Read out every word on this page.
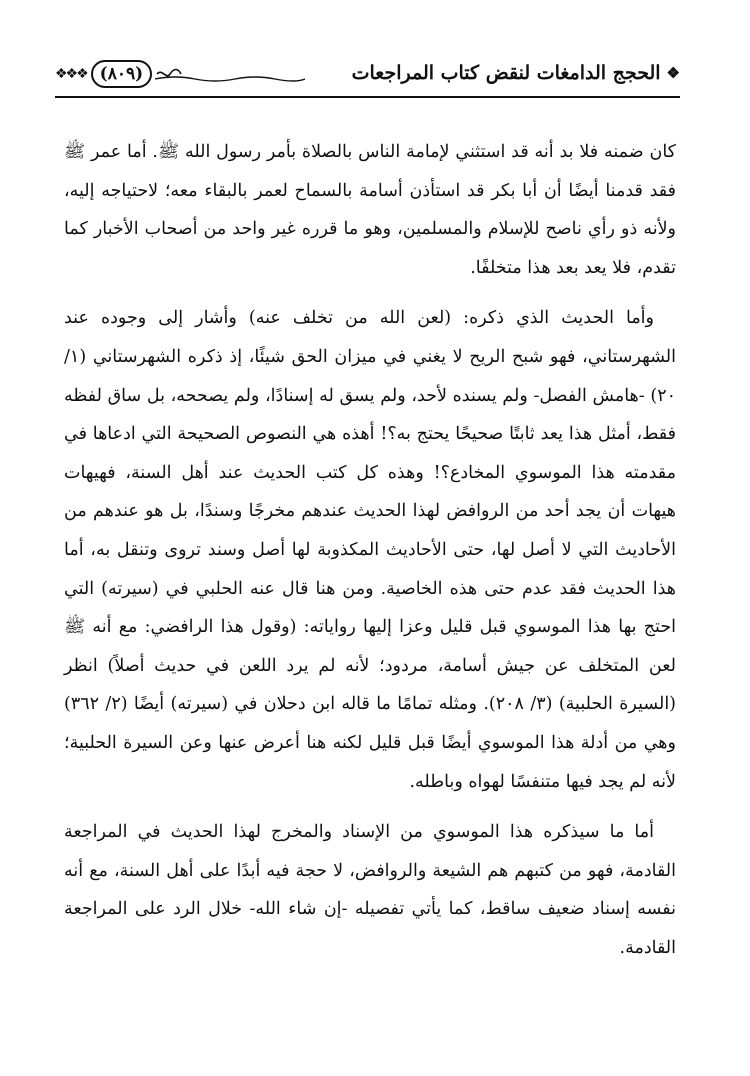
❖
الحجج الدامغات لنقض كتاب المراجعات
❖❖❖ (٨٠٩)

كان ضمنه فلا بد أنه قد استثني لإمامة الناس بالصلاة بأمر رسول الله ﷺ. أما عمر ﷺ فقد قدمنا أيضًا أن أبا بكر قد استأذن أسامة بالسماح لعمر بالبقاء معه؛ لاحتياجه إليه، ولأنه ذو رأي ناصح للإسلام والمسلمين، وهو ما قرره غير واحد من أصحاب الأخبار كما تقدم، فلا يعد بعد هذا متخلفًا.

وأما الحديث الذي ذكره: (لعن الله من تخلف عنه) وأشار إلى وجوده عند الشهرستاني، فهو شبح الريح لا يغني في ميزان الحق شيئًا، إذ ذكره الشهرستاني (١/ ٢٠) -هامش الفصل- ولم يسنده لأحد، ولم يسق له إسنادًا، ولم يصححه، بل ساق لفظه فقط، أمثل هذا يعد ثابتًا صحيحًا يحتج به؟! أهذه هي النصوص الصحيحة التي ادعاها في مقدمته هذا الموسوي المخادع؟! وهذه كل كتب الحديث عند أهل السنة، فهيهات هيهات أن يجد أحد من الروافض لهذا الحديث عندهم مخرجًا وسندًا، بل هو عندهم من الأحاديث التي لا أصل لها، حتى الأحاديث المكذوبة لها أصل وسند تروى وتنقل به، أما هذا الحديث فقد عدم حتى هذه الخاصية. ومن هنا قال عنه الحلبي في (سيرته) التي احتج بها هذا الموسوي قبل قليل وعزا إليها رواياته: (وقول هذا الرافضي: مع أنه ﷺ لعن المتخلف عن جيش أسامة، مردود؛ لأنه لم يرد اللعن في حديث أصلاً) انظر (السيرة الحلبية) (٣/ ٢٠٨). ومثله تمامًا ما قاله ابن دحلان في (سيرته) أيضًا (٢/ ٣٦٢) وهي من أدلة هذا الموسوي أيضًا قبل قليل لكنه هنا أعرض عنها وعن السيرة الحلبية؛ لأنه لم يجد فيها متنفسًا لهواه وباطله.

أما ما سيذكره هذا الموسوي من الإسناد والمخرج لهذا الحديث في المراجعة القادمة، فهو من كتبهم هم الشيعة والروافض، لا حجة فيه أبدًا على أهل السنة، مع أنه نفسه إسناد ضعيف ساقط، كما يأتي تفصيله -إن شاء الله- خلال الرد على المراجعة القادمة.
